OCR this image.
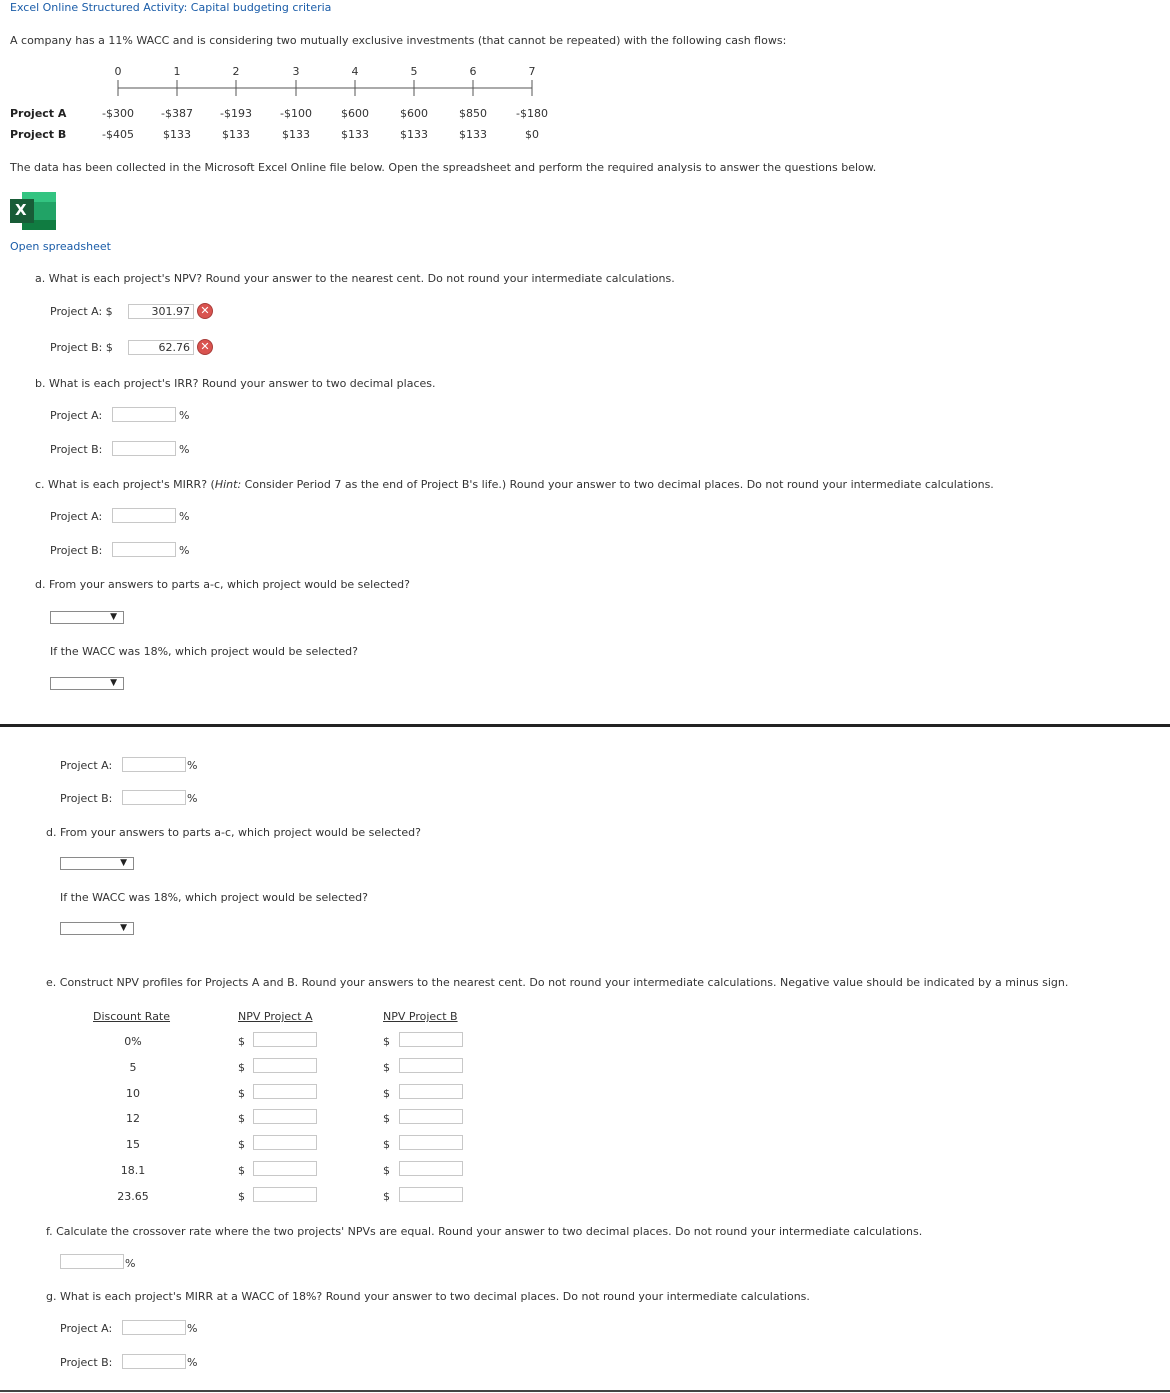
Excel Online Structured Activity: Capital budgeting criteria
A company has a 11% WACC and is considering two mutually exclusive investments (that cannot be repeated) with the following cash flows:
0	1	2	3	4	5	6	7
Project A	-$300	-$387	-$193	-$100	$600	$600	$850	-$180
Project B	-$405	$133	$133	$133	$133	$133	$133	$0
The data has been collected in the Microsoft Excel Online file below. Open the spreadsheet and perform the required analysis to answer the questions below.
X
Open spreadsheet
a. What is each project's NPV? Round your answer to the nearest cent. Do not round your intermediate calculations.
Project A: $	301.97 ✕
Project B: $	62.76 ✕
b. What is each project's IRR? Round your answer to two decimal places.
Project A:	%
Project B:	%
c. What is each project's MIRR? (Hint: Consider Period 7 as the end of Project B's life.) Round your answer to two decimal places. Do not round your intermediate calculations.
Project A:	%
Project B:	%
d. From your answers to parts a-c, which project would be selected?
▼
If the WACC was 18%, which project would be selected?
▼
Project A:	%
Project B:	%
d. From your answers to parts a-c, which project would be selected?
▼
If the WACC was 18%, which project would be selected?
▼
e. Construct NPV profiles for Projects A and B. Round your answers to the nearest cent. Do not round your intermediate calculations. Negative value should be indicated by a minus sign.
Discount Rate	NPV Project A	NPV Project B
0%	$	$
5	$	$
10	$	$
12	$	$
15	$	$
18.1	$	$
23.65	$	$
f. Calculate the crossover rate where the two projects' NPVs are equal. Round your answer to two decimal places. Do not round your intermediate calculations.
%
g. What is each project's MIRR at a WACC of 18%? Round your answer to two decimal places. Do not round your intermediate calculations.
Project A:	%
Project B:	%
